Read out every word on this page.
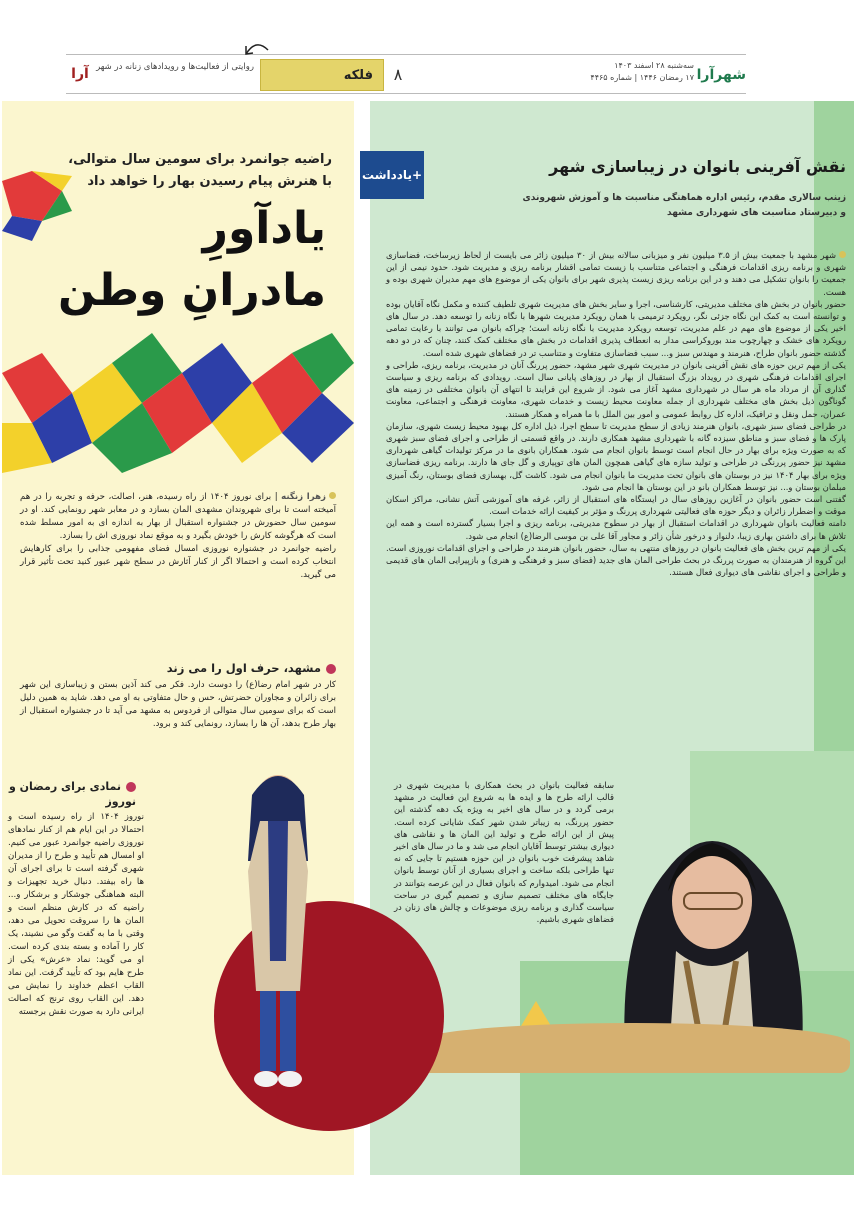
شهرآرا
سه‌شنبه ۲۸ اسفند ۱۴۰۳
۱۷ رمضان ۱۴۴۶ | شماره ۴۴۶۵
۸
فلکه
روایتی از فعالیت‌ها و رویدادهای زنانه در شهر
آرا
+یادداشت	نقش آفرینی بانوان در زیباسازی شهر
زینب سالاری مقدم، رئیس اداره هماهنگی مناسبت ها و آموزش شهروندی
و دبیرستاد مناسبت های شهرداری مشهد

شهر مشهد با جمعیت بیش از ۳.۵ میلیون نفر و میزبانی سالانه بیش از ۳۰ میلیون زائر می بایست از لحاظ زیرساخت، فضاسازی شهری و برنامه ریزی اقدامات فرهنگی و اجتماعی متناسب با زیست تمامی اقشار برنامه ریزی و مدیریت شود. حدود نیمی از این جمعیت را بانوان تشکیل می دهند و در این برنامه ریزی زیست پذیری شهر برای بانوان یکی از موضوع های مهم مدیران شهری بوده و هست.

حضور بانوان در بخش های مختلف مدیریتی، کارشناسی، اجرا و سایر بخش های مدیریت شهری تلطیف کننده و مکمل نگاه آقایان بوده و توانسته است به کمک این نگاه جزئی نگر، رویکرد ترمیمی با همان رویکرد مدیریت شهرها با نگاه زنانه را توسعه دهد. در سال های اخیر یکی از موضوع های مهم در علم مدیریت، توسعه رویکرد مدیریت با نگاه زنانه است؛ چراکه بانوان می توانند با رعایت تمامی رویکرد های خشک و چهارچوب مند بوروکراسی مدار به انعطاف پذیری اقدامات در بخش های مختلف کمک کنند، چنان که در دو دهه گذشته حضور بانوان طراح، هنرمند و مهندس سبز و... سبب فضاسازی متفاوت و متناسب تر در فضاهای شهری شده است.

یکی از مهم ترین حوزه های نقش آفرینی بانوان در مدیریت شهری شهر مشهد، حضور پررنگ آنان در مدیریت، برنامه ریزی، طراحی و اجرای اقدامات فرهنگی شهری در رویداد بزرگ استقبال از بهار در روزهای پایانی سال است. رویدادی که برنامه ریزی و سیاست گذاری آن از مرداد ماه هر سال در شهرداری مشهد آغاز می شود. از شروع این فرایند تا انتهای آن بانوان مختلفی در زمینه های گوناگون ذیل بخش های مختلف شهرداری از جمله معاونت محیط زیست و خدمات شهری، معاونت فرهنگی و اجتماعی، معاونت عمران، حمل ونقل و ترافیک، اداره کل روابط عمومی و امور بین الملل با ما همراه و همکار هستند.

در طراحی فضای سبز شهری، بانوان هنرمند زیادی از سطح مدیریت تا سطح اجرا، ذیل اداره کل بهبود محیط زیست شهری، سازمان پارک ها و فضای سبز و مناطق سیزده گانه با شهرداری مشهد همکاری دارند. در واقع قسمتی از طراحی و اجرای فضای سبز شهری که به صورت ویژه برای بهار در حال انجام است توسط بانوان انجام می شود. همکاران بانوی ما در مرکز تولیدات گیاهی شهرداری مشهد نیز حضور پررنگی در طراحی و تولید سازه های گیاهی همچون المان های توپیاری و گل جای ها دارند. برنامه ریزی فضاسازی ویژه برای بهار ۱۴۰۴ نیز در بوستان های بانوان تحت مدیریت ما بانوان انجام می شود. کاشت گل، بهسازی فضای بوستان، رنگ آمیزی مبلمان بوستان و... نیز توسط همکاران بانو در این بوستان ها انجام می شود.

گفتنی است حضور بانوان در آغازین روزهای سال در ایستگاه های استقبال از زائر، غرفه های آموزشی آتش نشانی، مراکز اسکان موقت و اضطرار زائران و دیگر حوزه های فعالیتی شهرداری پررنگ و مؤثر بر کیفیت ارائه خدمات است.

دامنه فعالیت بانوان شهرداری در اقدامات استقبال از بهار در سطوح مدیریتی، برنامه ریزی و اجرا بسیار گسترده است و همه این تلاش ها برای داشتن بهاری زیبا، دلنواز و درخور شأن زائر و مجاور آقا علی بن موسی الرضا(ع) انجام می شود.

یکی از مهم ترین بخش های فعالیت بانوان در روزهای منتهی به سال، حضور بانوان هنرمند در طراحی و اجرای اقدامات نوروزی است. این گروه از هنرمندان به صورت پررنگ در بحث طراحی المان های جدید (فضای سبز و فرهنگی و هنری) و بازپیرایی المان های قدیمی و طراحی و اجرای نقاشی های دیواری فعال هستند.

سابقه فعالیت بانوان در بحث همکاری با مدیریت شهری در قالب ارائه طرح ها و ایده ها به شروع این فعالیت در مشهد برمی گردد و در سال های اخیر به ویژه یک دهه گذشته این حضور پررنگ، به زیباتر شدن شهر کمک شایانی کرده است. پیش از این ارائه طرح و تولید این المان ها و نقاشی های دیواری بیشتر توسط آقایان انجام می شد و ما در سال های اخیر شاهد پیشرفت خوب بانوان در این حوزه هستیم تا جایی که نه تنها طراحی بلکه ساخت و اجرای بسیاری از آنان توسط بانوان انجام می شود. امیدوارم که بانوان فعال در این عرصه بتوانند در جایگاه های مختلف تصمیم سازی و تصمیم گیری در ساحت سیاست گذاری و برنامه ریزی موضوعات و چالش های زنان در فضاهای شهری باشیم.
راضیه جوانمرد برای سومین سال متوالی،
با هنرش پیام رسیدن بهار را خواهد داد
یادآورِ
مادرانِ وطن
زهرا زنگنه | برای نوروز ۱۴۰۴ از راه رسیده، هنر، اصالت، حرفه و تجربه را در هم آمیخته است تا برای شهروندان مشهدی المان بسازد و در معابر شهر رونمایی کند. او در سومین سال حضورش در جشنواره استقبال از بهار به اندازه ای به امور مسلط شده است که هرگوشه کارش را خودش بگیرد و به موقع نماد نوروزی اش را بسازد.
راضیه جوانمرد در جشنواره نوروزی امسال فضای مفهومی جذابی را برای کارهایش انتخاب کرده است و احتمالا اگر از کنار آثارش در سطح شهر عبور کنید تحت تأثیر قرار می گیرید.
مشهد، حرف اول را می زند
کار در شهر امام رضا(ع) را دوست دارد. فکر می کند آذین بستن و زیباسازی این شهر برای زائران و مجاوران حضرتش، حس و حال متفاوتی به او می دهد. شاید به همین دلیل است که برای سومین سال متوالی از فردوس به مشهد می آید تا در جشنواره استقبال از بهار طرح بدهد، آن ها را بسازد، رونمایی کند و برود.
نمادی برای رمضان و نوروز
نوروز ۱۴۰۴ از راه رسیده است و احتمالا در این ایام هم از کنار نمادهای نوروزی راضیه جوانمرد عبور می کنیم. او امسال هم تأیید و طرح را از مدیران شهری گرفته است تا برای اجرای آن ها راه بیفتد. دنبال خرید تجهیزات و البته هماهنگی جوشکار و برشکار و... راضیه که در کارش منظم است و المان ها را سروقت تحویل می دهد، وقتی با ما به گفت وگو می نشیند، یک کار را آماده و بسته بندی کرده است. او می گوید: نماد «عرش» یکی از طرح هایم بود که تأیید گرفت. این نماد القاب اعظم خداوند را نمایش می دهد. این القاب روی ترنج که اصالت ایرانی دارد به صورت نقش برجسته
